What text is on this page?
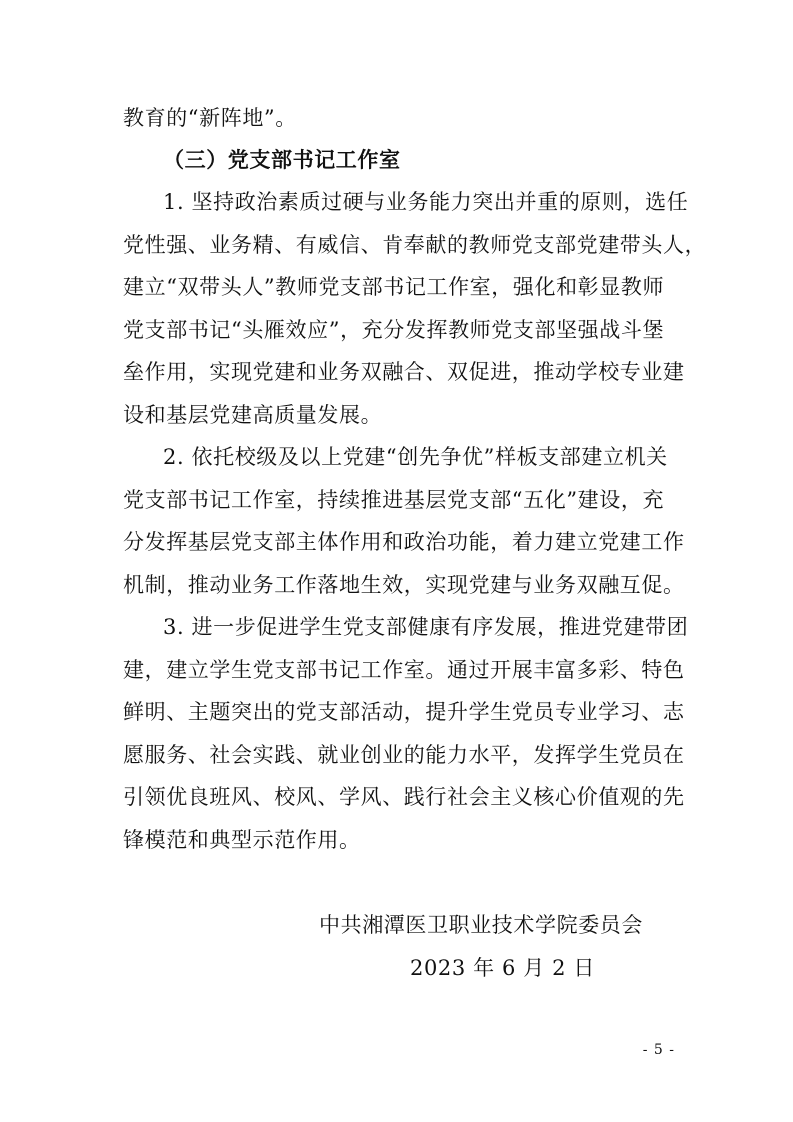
教育的“新阵地”。
（三）党支部书记工作室
1. 坚持政治素质过硬与业务能力突出并重的原则，选任
党性强、业务精、有威信、肯奉献的教师党支部党建带头人，
建立“双带头人”教师党支部书记工作室，强化和彰显教师
党支部书记“头雁效应”，充分发挥教师党支部坚强战斗堡
垒作用，实现党建和业务双融合、双促进，推动学校专业建
设和基层党建高质量发展。
2. 依托校级及以上党建“创先争优”样板支部建立机关
党支部书记工作室，持续推进基层党支部“五化”建设，充
分发挥基层党支部主体作用和政治功能，着力建立党建工作
机制，推动业务工作落地生效，实现党建与业务双融互促。
3. 进一步促进学生党支部健康有序发展，推进党建带团
建，建立学生党支部书记工作室。通过开展丰富多彩、特色
鲜明、主题突出的党支部活动，提升学生党员专业学习、志
愿服务、社会实践、就业创业的能力水平，发挥学生党员在
引领优良班风、校风、学风、践行社会主义核心价值观的先
锋模范和典型示范作用。
中共湘潭医卫职业技术学院委员会
2023 年 6 月 2 日
- 5 -
